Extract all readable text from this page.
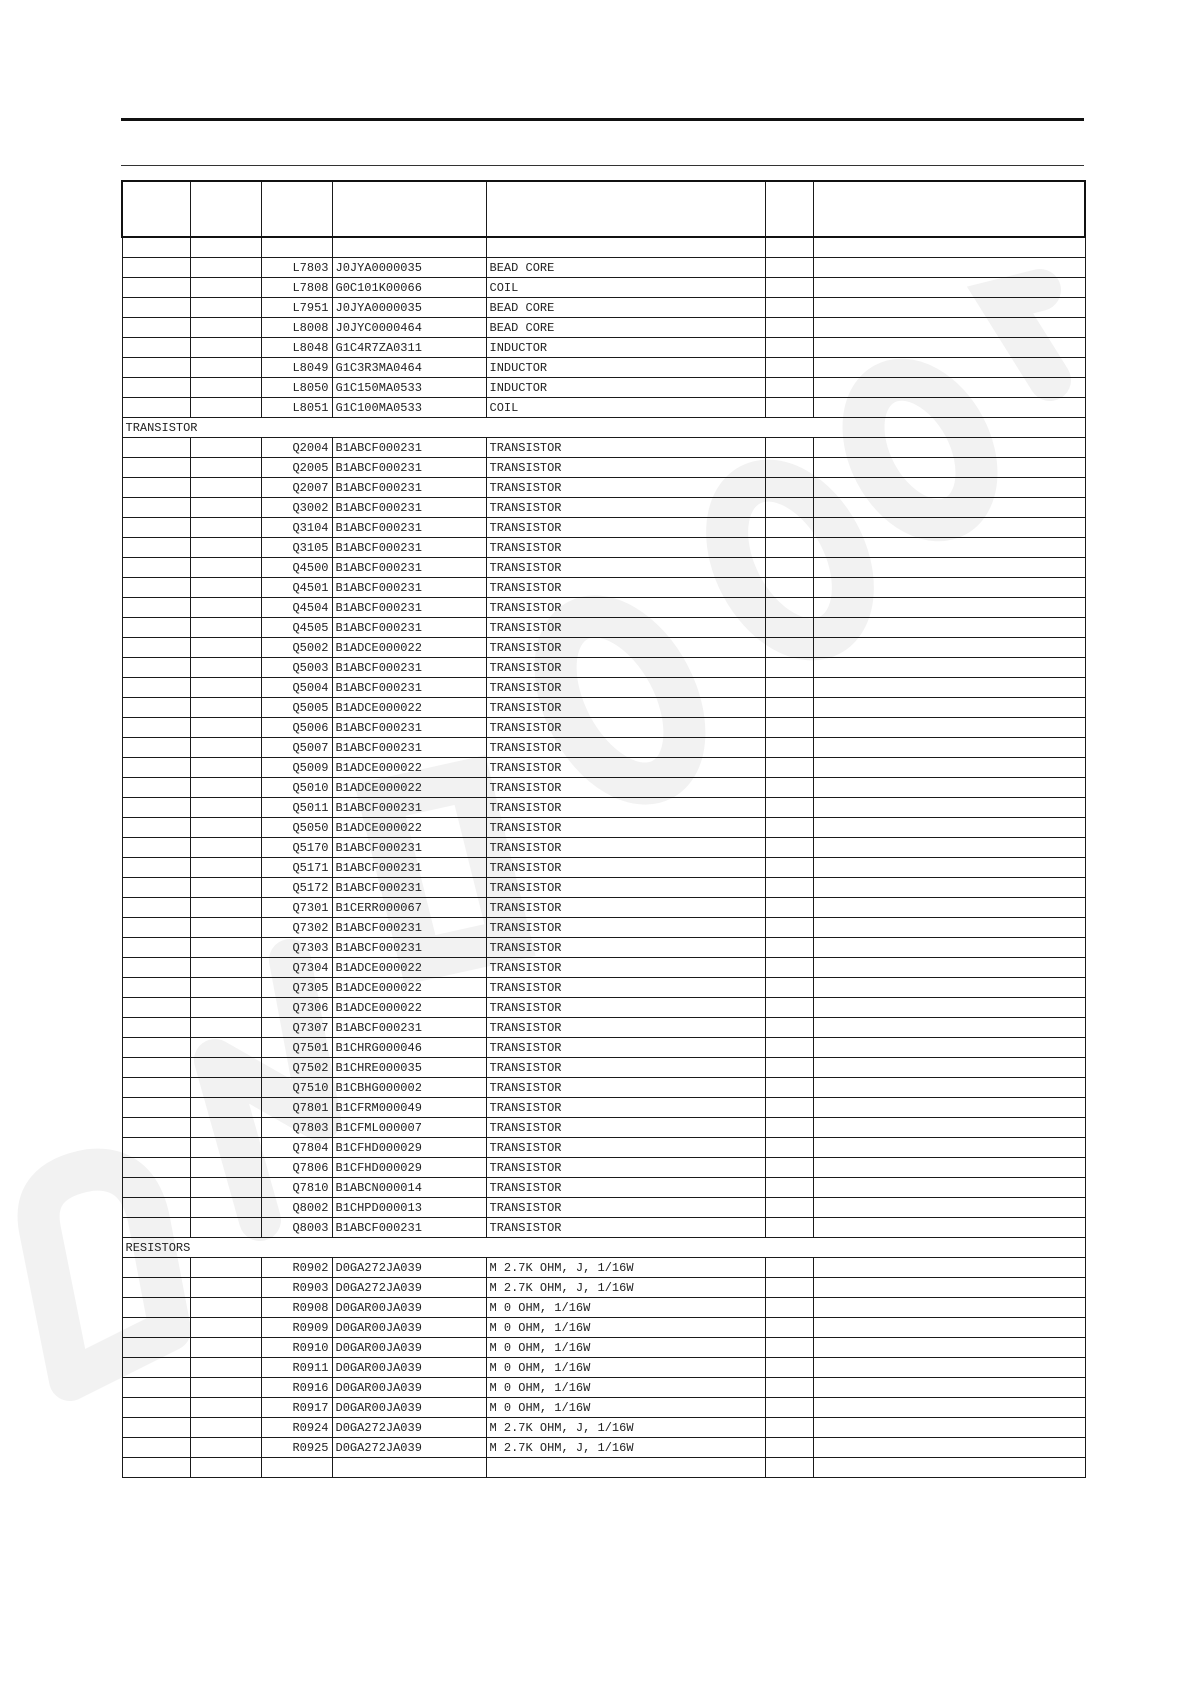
		L7803	J0JYA0000035	BEAD CORE		
		L7808	G0C101K00066	COIL		
		L7951	J0JYA0000035	BEAD CORE		
		L8008	J0JYC0000464	BEAD CORE		
		L8048	G1C4R7ZA0311	INDUCTOR		
		L8049	G1C3R3MA0464	INDUCTOR		
		L8050	G1C150MA0533	INDUCTOR		
		L8051	G1C100MA0533	COIL		
TRANSISTOR						
		Q2004	B1ABCF000231	TRANSISTOR		
		Q2005	B1ABCF000231	TRANSISTOR		
		Q2007	B1ABCF000231	TRANSISTOR		
		Q3002	B1ABCF000231	TRANSISTOR		
		Q3104	B1ABCF000231	TRANSISTOR		
		Q3105	B1ABCF000231	TRANSISTOR		
		Q4500	B1ABCF000231	TRANSISTOR		
		Q4501	B1ABCF000231	TRANSISTOR		
		Q4504	B1ABCF000231	TRANSISTOR		
		Q4505	B1ABCF000231	TRANSISTOR		
		Q5002	B1ADCE000022	TRANSISTOR		
		Q5003	B1ABCF000231	TRANSISTOR		
		Q5004	B1ABCF000231	TRANSISTOR		
		Q5005	B1ADCE000022	TRANSISTOR		
		Q5006	B1ABCF000231	TRANSISTOR		
		Q5007	B1ABCF000231	TRANSISTOR		
		Q5009	B1ADCE000022	TRANSISTOR		
		Q5010	B1ADCE000022	TRANSISTOR		
		Q5011	B1ABCF000231	TRANSISTOR		
		Q5050	B1ADCE000022	TRANSISTOR		
		Q5170	B1ABCF000231	TRANSISTOR		
		Q5171	B1ABCF000231	TRANSISTOR		
		Q5172	B1ABCF000231	TRANSISTOR		
		Q7301	B1CERR000067	TRANSISTOR		
		Q7302	B1ABCF000231	TRANSISTOR		
		Q7303	B1ABCF000231	TRANSISTOR		
		Q7304	B1ADCE000022	TRANSISTOR		
		Q7305	B1ADCE000022	TRANSISTOR		
		Q7306	B1ADCE000022	TRANSISTOR		
		Q7307	B1ABCF000231	TRANSISTOR		
		Q7501	B1CHRG000046	TRANSISTOR		
		Q7502	B1CHRE000035	TRANSISTOR		
		Q7510	B1CBHG000002	TRANSISTOR		
		Q7801	B1CFRM000049	TRANSISTOR		
		Q7803	B1CFML000007	TRANSISTOR		
		Q7804	B1CFHD000029	TRANSISTOR		
		Q7806	B1CFHD000029	TRANSISTOR		
		Q7810	B1ABCN000014	TRANSISTOR		
		Q8002	B1CHPD000013	TRANSISTOR		
		Q8003	B1ABCF000231	TRANSISTOR		
RESISTORS						
		R0902	D0GA272JA039	M 2.7K OHM, J, 1/16W		
		R0903	D0GA272JA039	M 2.7K OHM, J, 1/16W		
		R0908	D0GAR00JA039	M 0 OHM, 1/16W		
		R0909	D0GAR00JA039	M 0 OHM, 1/16W		
		R0910	D0GAR00JA039	M 0 OHM, 1/16W		
		R0911	D0GAR00JA039	M 0 OHM, 1/16W		
		R0916	D0GAR00JA039	M 0 OHM, 1/16W		
		R0917	D0GAR00JA039	M 0 OHM, 1/16W		
		R0924	D0GA272JA039	M 2.7K OHM, J, 1/16W		
		R0925	D0GA272JA039	M 2.7K OHM, J, 1/16W		
